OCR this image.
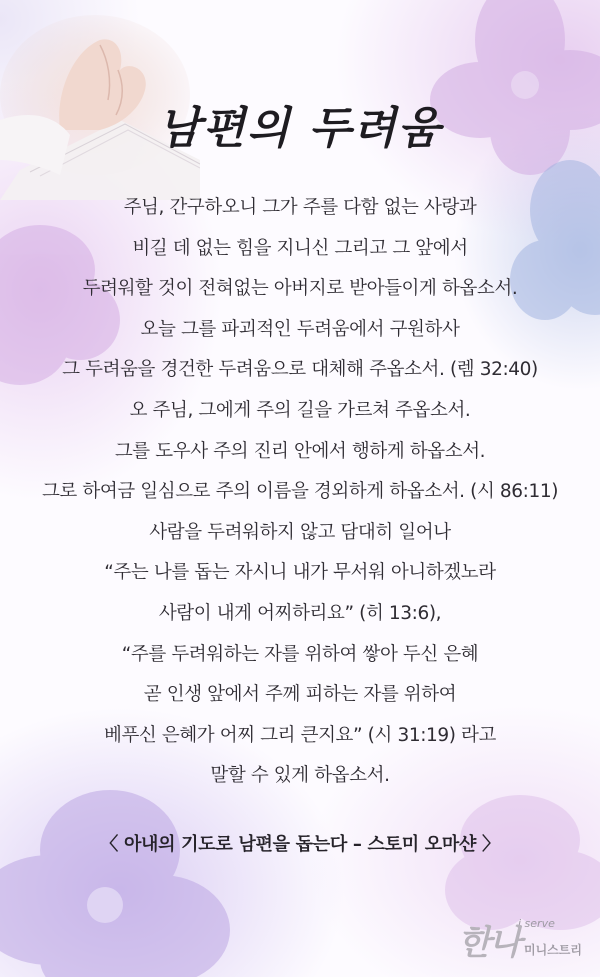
남편의 두려움
주님, 간구하오니 그가 주를 다함 없는 사랑과
비길 데 없는 힘을 지니신 그리고 그 앞에서
두려워할 것이 전혀없는 아버지로 받아들이게 하옵소서.
오늘 그를 파괴적인 두려움에서 구원하사
그 두려움을 경건한 두려움으로 대체해 주옵소서. (렘 32:40)
오 주님, 그에게 주의 길을 가르쳐 주옵소서.
그를 도우사 주의 진리 안에서 행하게 하옵소서.
그로 하여금 일심으로 주의 이름을 경외하게 하옵소서. (시 86:11)
사람을 두려워하지 않고 담대히 일어나
“주는 나를 돕는 자시니 내가 무서워 아니하겠노라
사람이 내게 어찌하리요” (히 13:6),
“주를 두려워하는 자를 위하여 쌓아 두신 은혜
곧 인생 앞에서 주께 피하는 자를 위하여
베푸신 은혜가 어찌 그리 큰지요” (시 31:19) 라고
말할 수 있게 하옵소서.
〈 아내의 기도로 남편을 돕는다 – 스토미 오마샨 〉
i serve
한나 미니스트리
